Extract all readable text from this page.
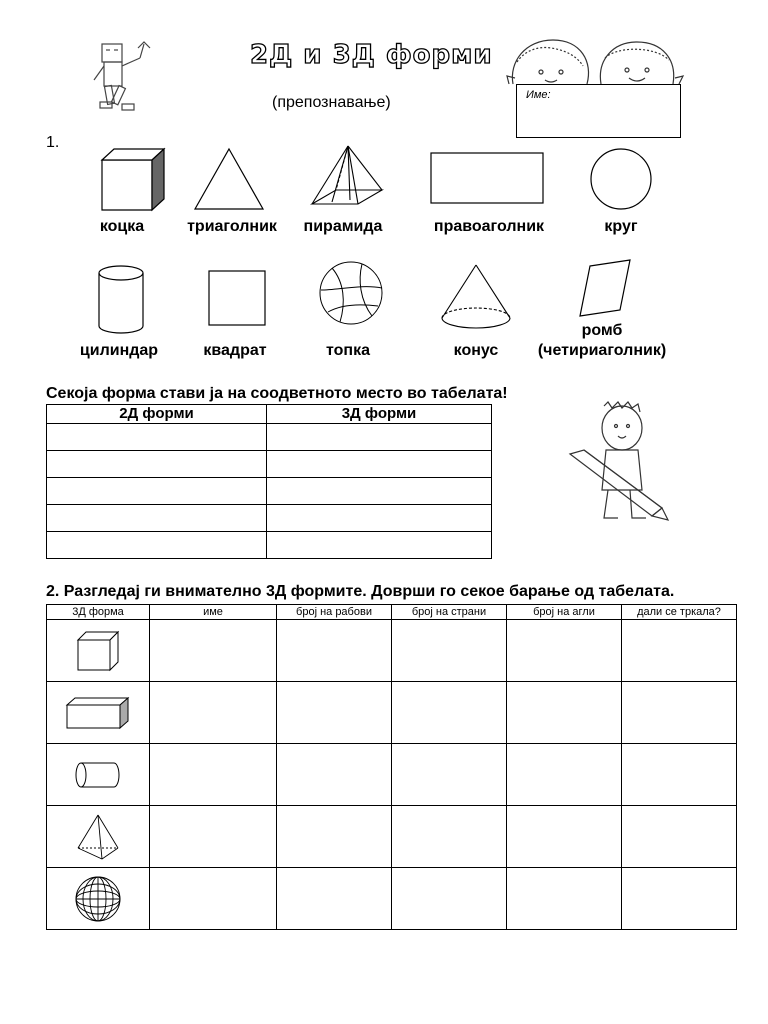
2Д и 3Д форми
(препознавање)	Име:
1.
коцка	триаголник пирамида	правоаголник	круг
цилиндар	квадрат	топка	конус
ромб
(четириаголник)
Секоја форма стави ја на соодветното место во табелата!
2Д форми	3Д форми

2. Разгледај ги внимателно 3Д формите. Доврши го секое барање од табелата.
3Д форма	име	број на рабови	број на страни	број на агли	дали се тркала?
